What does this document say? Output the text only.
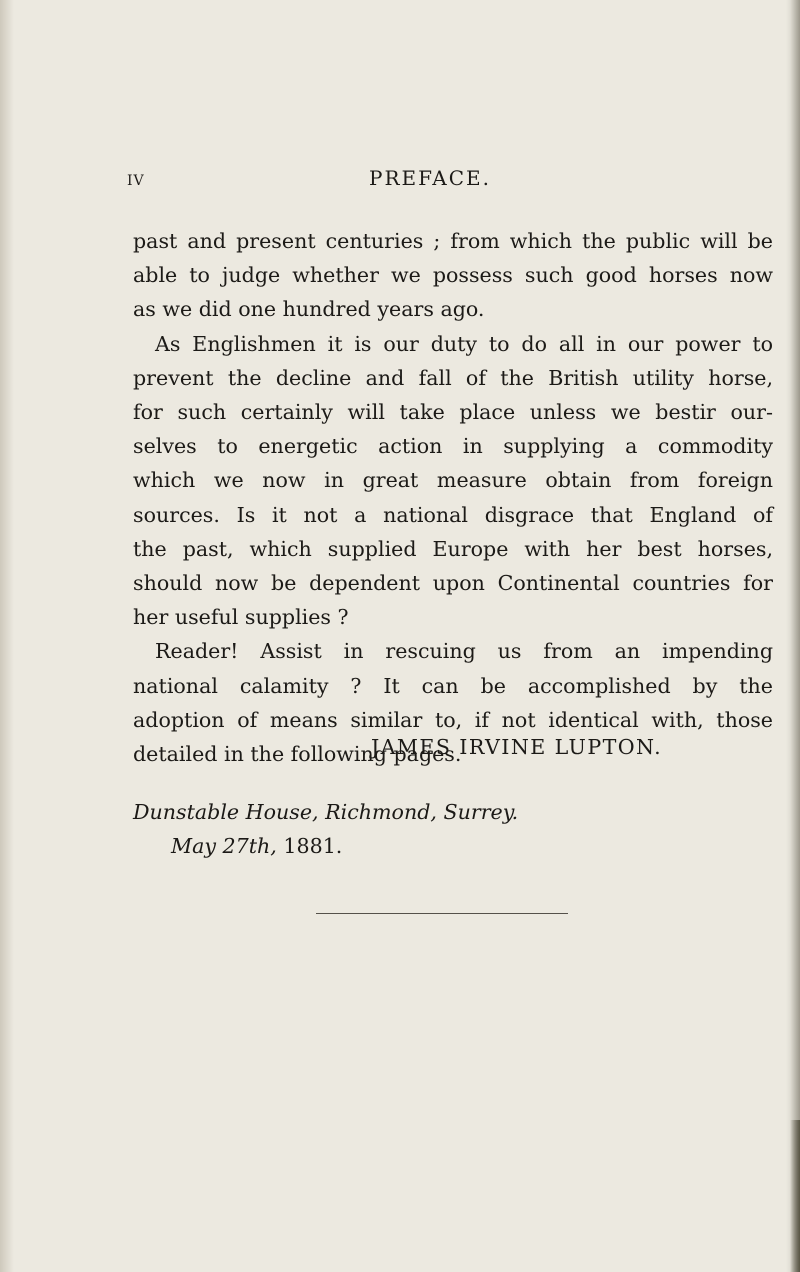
iv	PREFACE.
past and present centuries ; from which the public will be
able to judge whether we possess such good horses now
as we did one hundred years ago.
As Englishmen it is our duty to do all in our power to
prevent the decline and fall of the British utility horse,
for such certainly will take place unless we bestir our-
selves to energetic action in supplying a commodity
which we now in great measure obtain from foreign
sources. Is it not a national disgrace that England of
the past, which supplied Europe with her best horses,
should now be dependent upon Continental countries for
her useful supplies ?
Reader! Assist in rescuing us from an impending
national calamity ? It can be accomplished by the
adoption of means similar to, if not identical with, those
detailed in the following pages.
JAMES IRVINE LUPTON.
Dunstable House, Richmond, Surrey.
May 27th, 1881.
